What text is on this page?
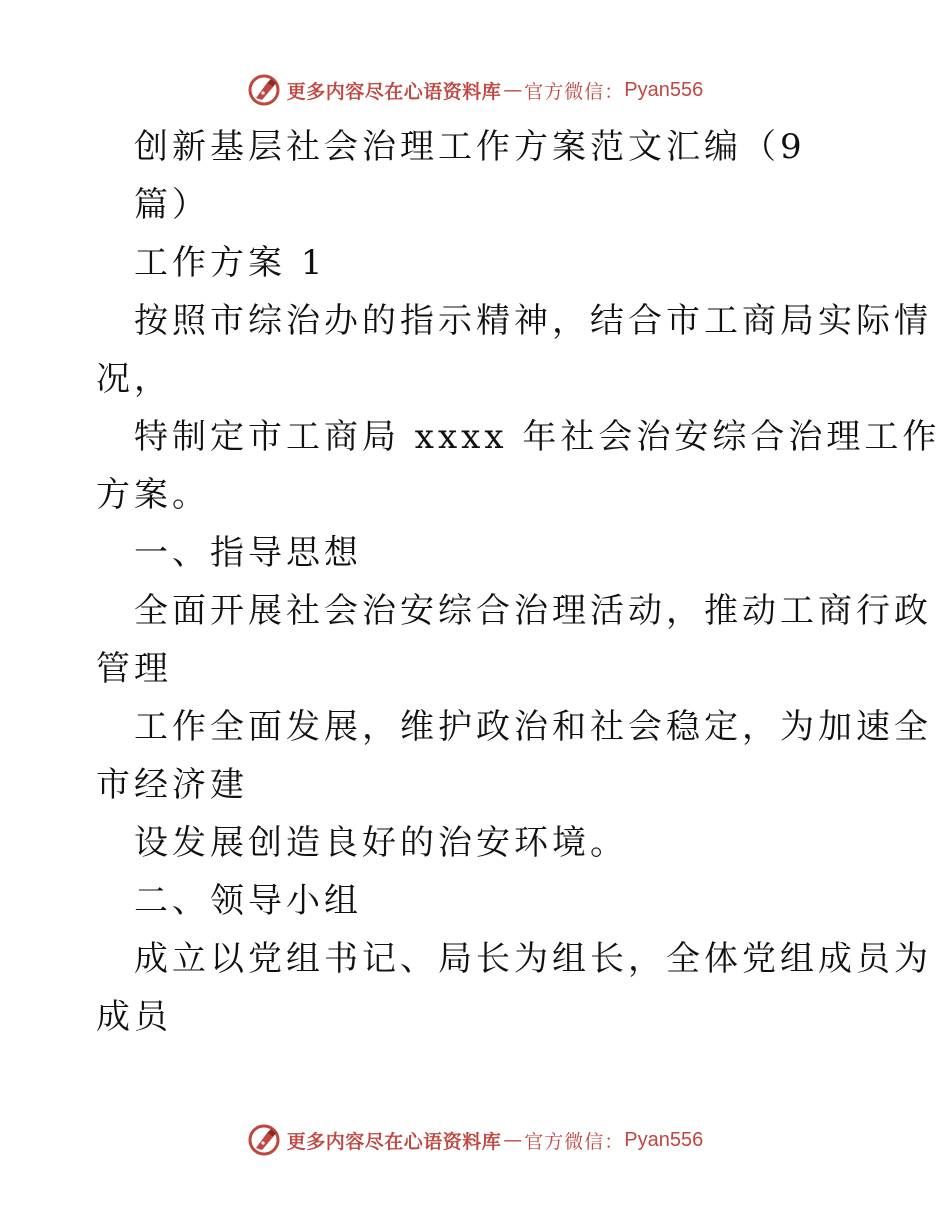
更多内容尽在心语资料库 — 官方微信： Pyan556
创新基层社会治理工作方案范文汇编（9
篇）
工作方案 1
按照市综治办的指示精神，结合市工商局实际情
况，
特制定市工商局 xxxx 年社会治安综合治理工作
方案。
一、指导思想
全面开展社会治安综合治理活动，推动工商行政
管理
工作全面发展，维护政治和社会稳定，为加速全
市经济建
设发展创造良好的治安环境。
二、领导小组
成立以党组书记、局长为组长，全体党组成员为
成员
更多内容尽在心语资料库 — 官方微信： Pyan556
